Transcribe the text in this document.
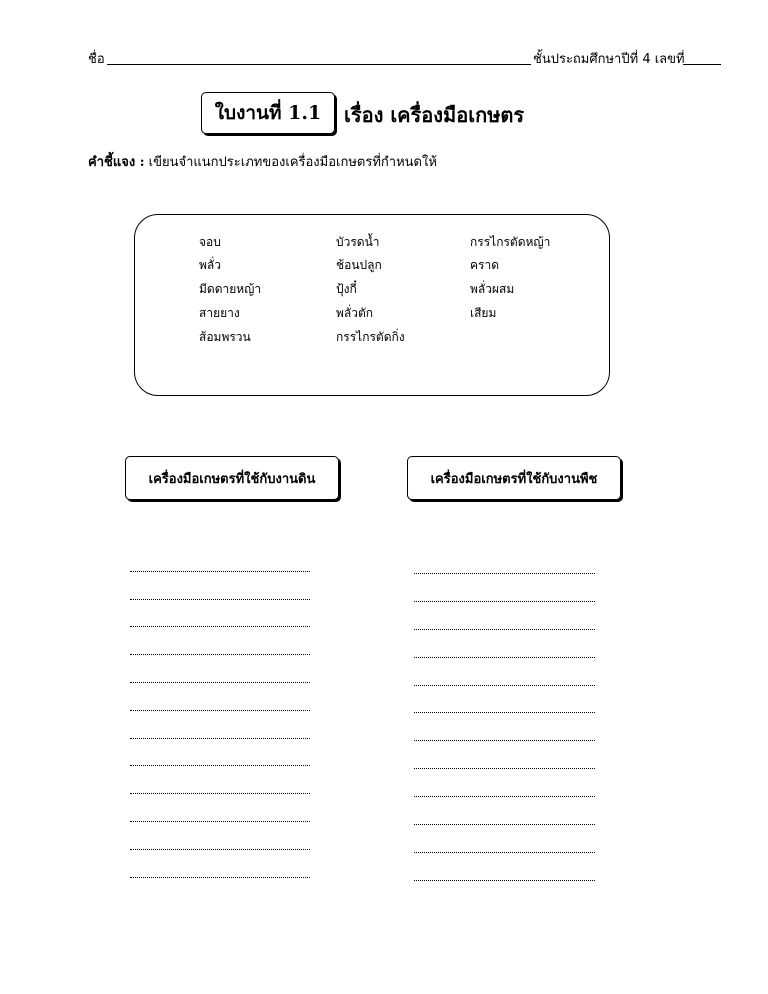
ชื่อ	ชั้นประถมศึกษาปีที่ 4 เลขที่
ใบงานที่ 1.1 เรื่อง เครื่องมือเกษตร
คำชี้แจง : เขียนจำแนกประเภทของเครื่องมือเกษตรที่กำหนดให้
จอบ	บัวรดน้ำ	กรรไกรตัดหญ้า
พลั่ว	ช้อนปลูก	คราด
มีดดายหญ้า	ปุ้งกี๋	พลั่วผสม
สายยาง	พลั่วตัก	เสียม
ส้อมพรวน	กรรไกรตัดกิ่ง
เครื่องมือเกษตรที่ใช้กับงานดิน	เครื่องมือเกษตรที่ใช้กับงานพืช
